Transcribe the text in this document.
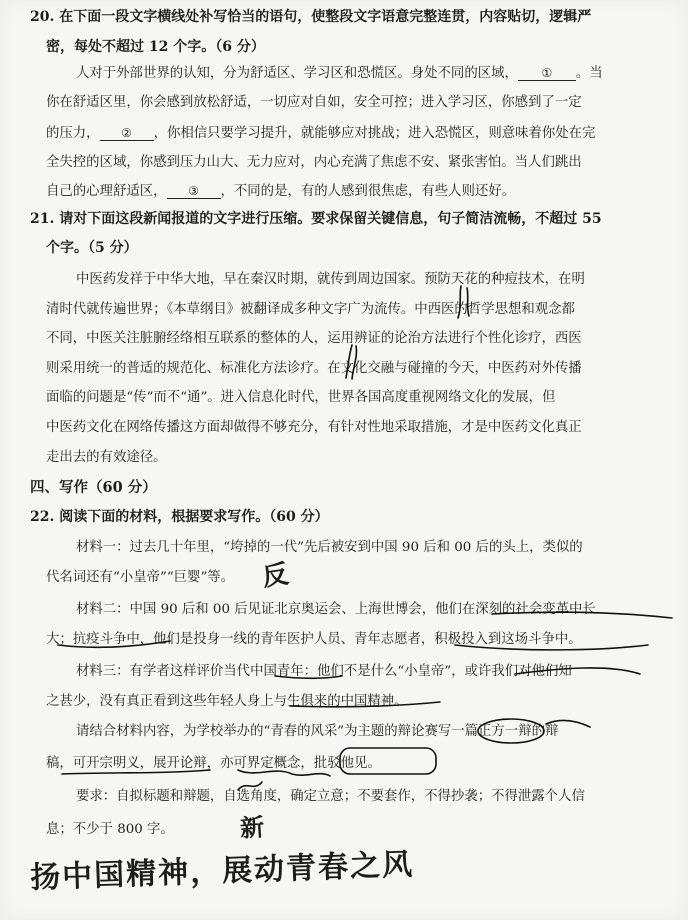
20. 在下面一段文字横线处补写恰当的语句，使整段文字语意完整连贯，内容贴切，逻辑严
密，每处不超过 12 个字。（6 分）
人对于外部世界的认知，分为舒适区、学习区和恐慌区。身处不同的区域， ① 。当
你在舒适区里，你会感到放松舒适，一切应对自如，安全可控；进入学习区，你感到了一定
的压力， ② ，你相信只要学习提升，就能够应对挑战；进入恐慌区，则意味着你处在完
全失控的区域，你感到压力山大、无力应对，内心充满了焦虑不安、紧张害怕。当人们跳出
自己的心理舒适区， ③ ，不同的是，有的人感到很焦虑，有些人则还好。
21. 请对下面这段新闻报道的文字进行压缩。要求保留关键信息，句子简洁流畅，不超过 55
个字。（5 分）
中医药发祥于中华大地，早在秦汉时期，就传到周边国家。预防天花的种痘技术，在明
清时代就传遍世界；《本草纲目》被翻译成多种文字广为流传。中西医的哲学思想和观念都
不同，中医关注脏腑经络相互联系的整体的人，运用辨证的论治方法进行个性化诊疗，西医
则采用统一的普适的规范化、标准化方法诊疗。在文化交融与碰撞的今天，中医药对外传播
面临的问题是“传”而不“通”。进入信息化时代，世界各国高度重视网络文化的发展，但
中医药文化在网络传播这方面却做得不够充分，有针对性地采取措施，才是中医药文化真正
走出去的有效途径。
四、写作（60 分）
22. 阅读下面的材料，根据要求写作。（60 分）
材料一：过去几十年里，“垮掉的一代”先后被安到中国 90 后和 00 后的头上，类似的
代名词还有“小皇帝”“巨婴”等。
材料二：中国 90 后和 00 后见证北京奥运会、上海世博会，他们在深刻的社会变革中长
大；抗疫斗争中，他们是投身一线的青年医护人员、青年志愿者，积极投入到这场斗争中。
材料三：有学者这样评价当代中国青年：他们不是什么“小皇帝”，或许我们对他们知
之甚少，没有真正看到这些年轻人身上与生俱来的中国精神。
请结合材料内容，为学校举办的“青春的风采”为主题的辩论赛写一篇正方一辩的辩
稿，可开宗明义，展开论辩，亦可界定概念，批驳他见。
要求：自拟标题和辩题，自选角度，确定立意；不要套作，不得抄袭；不得泄露个人信
息；不少于 800 字。
反
新
扬中国精神，展动青春之风
